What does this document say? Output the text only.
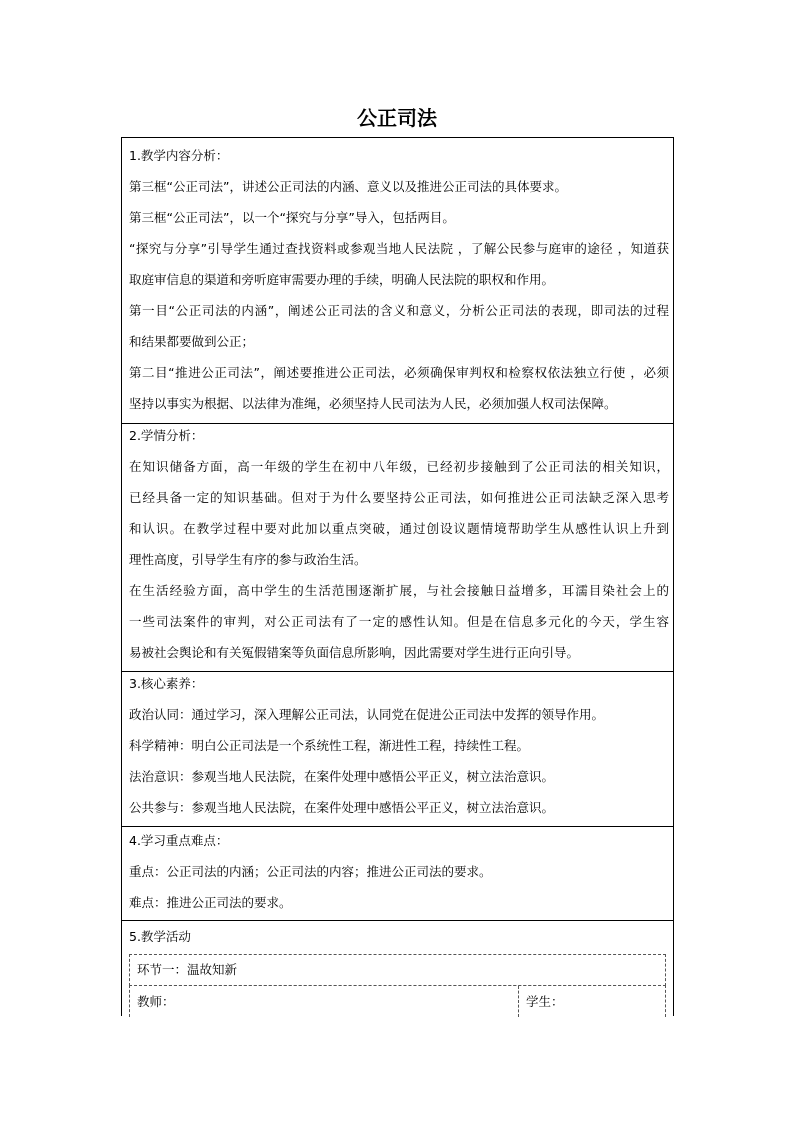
公正司法
1.教学内容分析：
第三框“公正司法”，讲述公正司法的内涵、意义以及推进公正司法的具体要求。
第三框“公正司法”，以一个“探究与分享”导入，包括两目。
“探究与分享”引导学生通过查找资料或参观当地人民法院 ，了解公民参与庭审的途径 ，知道获
取庭审信息的渠道和旁听庭审需要办理的手续，明确人民法院的职权和作用。
第一目“公正司法的内涵”，阐述公正司法的含义和意义，分析公正司法的表现，即司法的过程
和结果都要做到公正；
第二目“推进公正司法”，阐述要推进公正司法，必须确保审判权和检察权依法独立行使 ，必须
坚持以事实为根据、以法律为准绳，必须坚持人民司法为人民，必须加强人权司法保障。
2.学情分析：
在知识储备方面，高一年级的学生在初中八年级，已经初步接触到了公正司法的相关知识，
已经具备一定的知识基础。但对于为什么要坚持公正司法，如何推进公正司法缺乏深入思考
和认识。在教学过程中要对此加以重点突破，通过创设议题情境帮助学生从感性认识上升到
理性高度，引导学生有序的参与政治生活。
在生活经验方面，高中学生的生活范围逐渐扩展，与社会接触日益增多，耳濡目染社会上的
一些司法案件的审判，对公正司法有了一定的感性认知。但是在信息多元化的今天，学生容
易被社会舆论和有关冤假错案等负面信息所影响，因此需要对学生进行正向引导。
3.核心素养：
政治认同：通过学习，深入理解公正司法，认同党在促进公正司法中发挥的领导作用。
科学精神：明白公正司法是一个系统性工程，渐进性工程，持续性工程。
法治意识：参观当地人民法院，在案件处理中感悟公平正义，树立法治意识。
公共参与：参观当地人民法院，在案件处理中感悟公平正义，树立法治意识。
4.学习重点难点：
重点：公正司法的内涵；公正司法的内容；推进公正司法的要求。
难点：推进公正司法的要求。
5.教学活动
环节一：温故知新
教师：	学生：
